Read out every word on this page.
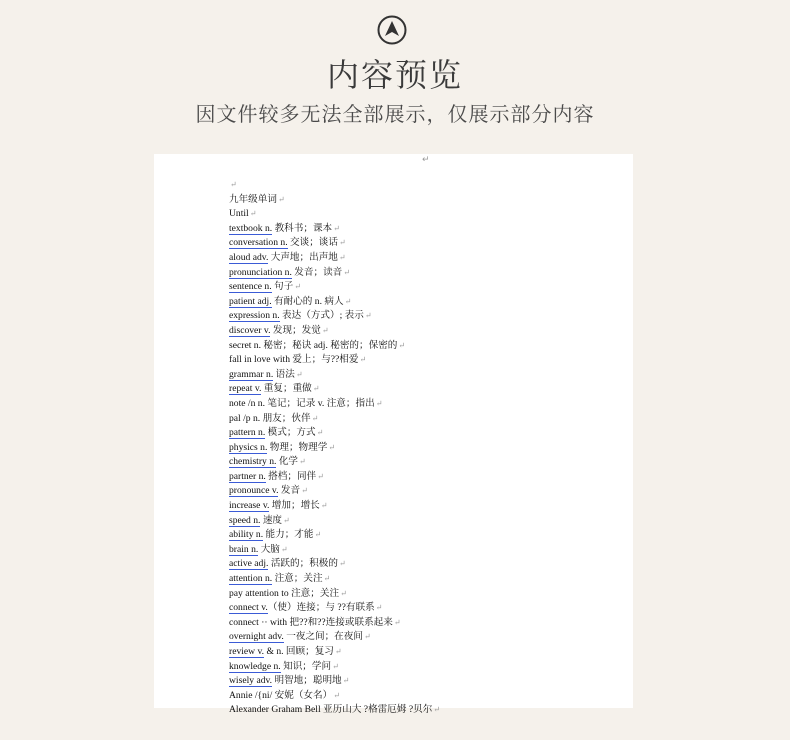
内容预览
因文件较多无法全部展示，仅展示部分内容
↵
↵
九年级单词↵
Until↵
textbook n. 教科书；课本↵
conversation n. 交谈；谈话↵
aloud adv. 大声地；出声地↵
pronunciation n. 发音；读音↵
sentence n. 句子↵
patient adj. 有耐心的 n. 病人↵
expression n. 表达（方式）; 表示↵
discover v. 发现；发觉↵
secret n. 秘密；秘诀 adj. 秘密的；保密的↵
fall in love with 爱上；与??相爱↵
grammar n. 语法↵
repeat v. 重复；重做↵
note /n n. 笔记；记录 v. 注意；指出↵
pal /p n. 朋友；伙伴↵
pattern n. 模式；方式↵
physics n. 物理；物理学↵
chemistry n. 化学↵
partner n. 搭档；同伴↵
pronounce v. 发音↵
increase v. 增加；增长↵
speed n. 速度↵
ability n. 能力；才能↵
brain n. 大脑↵
active adj. 活跃的；积极的↵
attention n. 注意；关注↵
pay attention to 注意；关注↵
connect v.（使）连接；与 ??有联系↵
connect ·· with 把??和??连接或联系起来↵
overnight adv. 一夜之间；在夜间↵
review v. & n. 回顾；复习↵
knowledge n. 知识；学问↵
wisely adv. 明智地；聪明地↵
Annie /{ni/ 安妮（女名）↵
Alexander Graham Bell 亚历山大 ?格雷厄姆 ?贝尔↵
